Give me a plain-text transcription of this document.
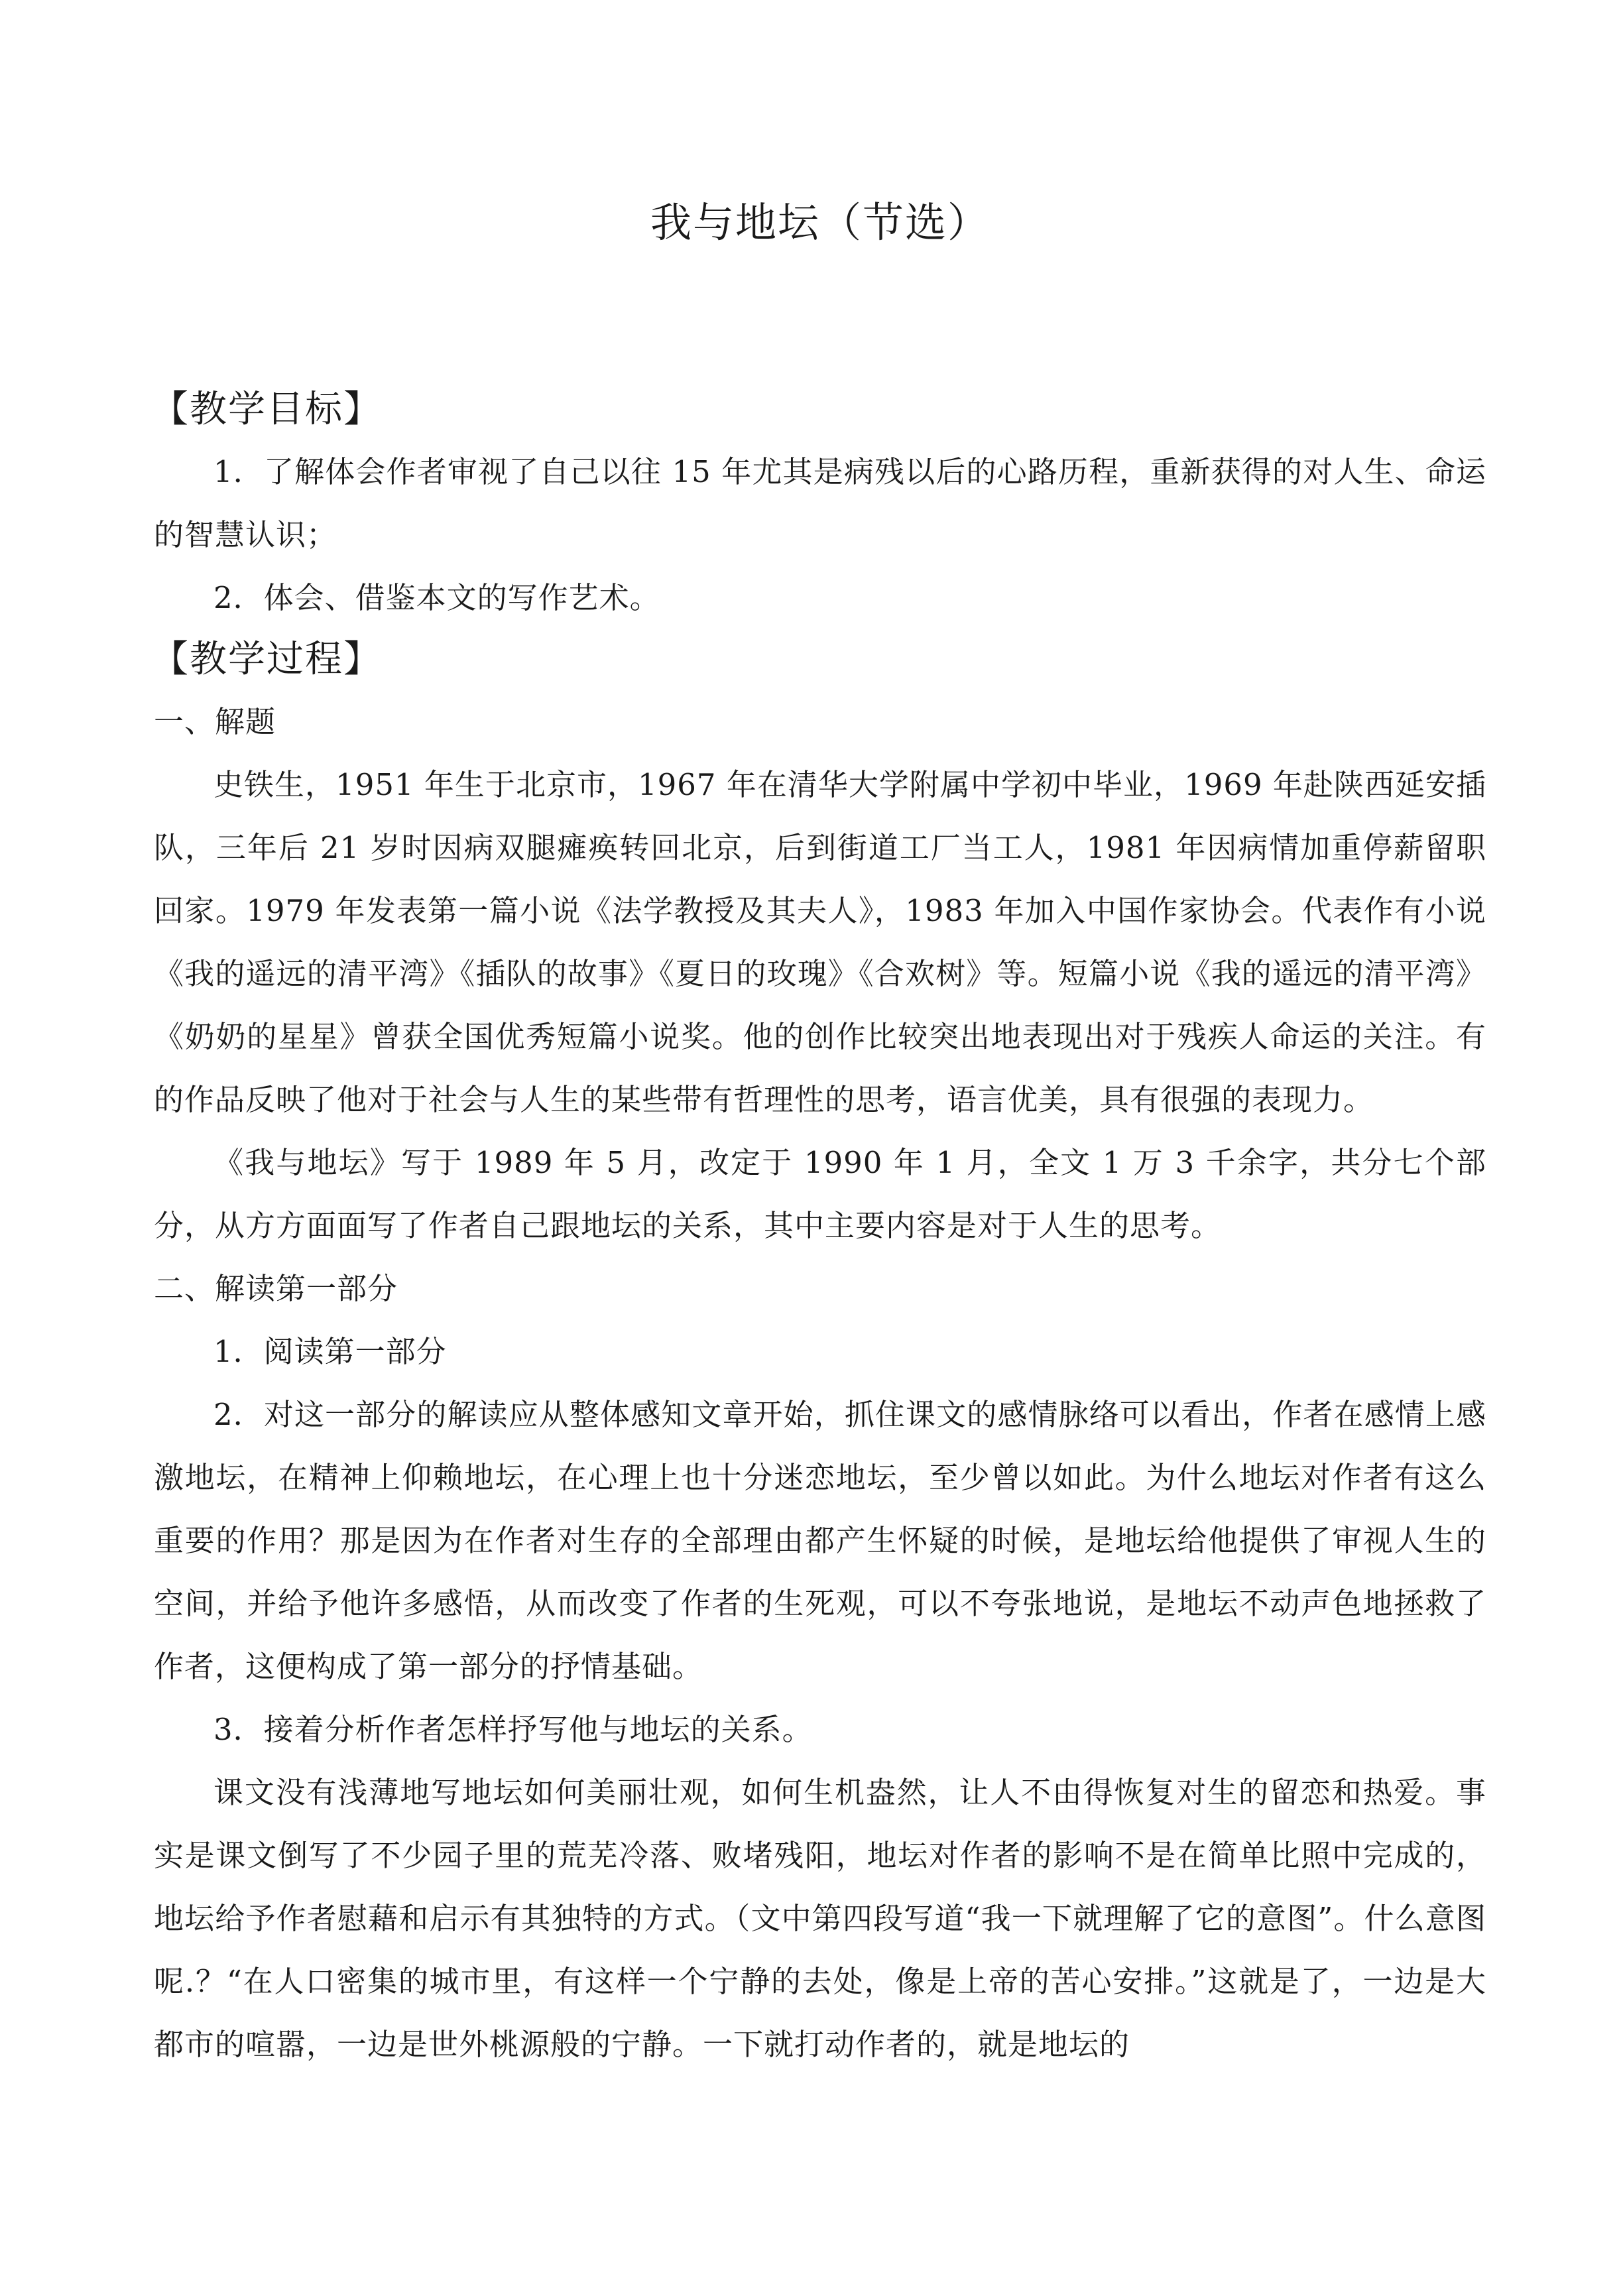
我与地坛（节选）
【教学目标】

1．了解体会作者审视了自己以往 15 年尤其是病残以后的心路历程，重新获得的对人生、命运的智慧认识；

2．体会、借鉴本文的写作艺术。

【教学过程】

一、解题

史铁生，1951 年生于北京市，1967 年在清华大学附属中学初中毕业，1969 年赴陕西延安插队，三年后 21 岁时因病双腿瘫痪转回北京，后到街道工厂当工人，1981 年因病情加重停薪留职回家。1979 年发表第一篇小说《法学教授及其夫人》，1983 年加入中国作家协会。代表作有小说《我的遥远的清平湾》《插队的故事》《夏日的玫瑰》《合欢树》等。短篇小说《我的遥远的清平湾》《奶奶的星星》曾获全国优秀短篇小说奖。他的创作比较突出地表现出对于残疾人命运的关注。有的作品反映了他对于社会与人生的某些带有哲理性的思考，语言优美，具有很强的表现力。

《我与地坛》写于 1989 年 5 月，改定于 1990 年 1 月，全文 1 万 3 千余字，共分七个部分，从方方面面写了作者自己跟地坛的关系，其中主要内容是对于人生的思考。

二、解读第一部分

1．阅读第一部分

2．对这一部分的解读应从整体感知文章开始，抓住课文的感情脉络可以看出，作者在感情上感激地坛，在精神上仰赖地坛，在心理上也十分迷恋地坛，至少曾以如此。为什么地坛对作者有这么重要的作用？那是因为在作者对生存的全部理由都产生怀疑的时候，是地坛给他提供了审视人生的空间，并给予他许多感悟，从而改变了作者的生死观，可以不夸张地说，是地坛不动声色地拯救了作者，这便构成了第一部分的抒情基础。

3．接着分析作者怎样抒写他与地坛的关系。

课文没有浅薄地写地坛如何美丽壮观，如何生机盎然，让人不由得恢复对生的留恋和热爱。事实是课文倒写了不少园子里的荒芜冷落、败堵残阳，地坛对作者的影响不是在简单比照中完成的，地坛给予作者慰藉和启示有其独特的方式。（文中第四段写道“我一下就理解了它的意图”。什么意图呢.？“在人口密集的城市里，有这样一个宁静的去处，像是上帝的苦心安排。”这就是了，一边是大都市的喧嚣，一边是世外桃源般的宁静。一下就打动作者的，就是地坛的
